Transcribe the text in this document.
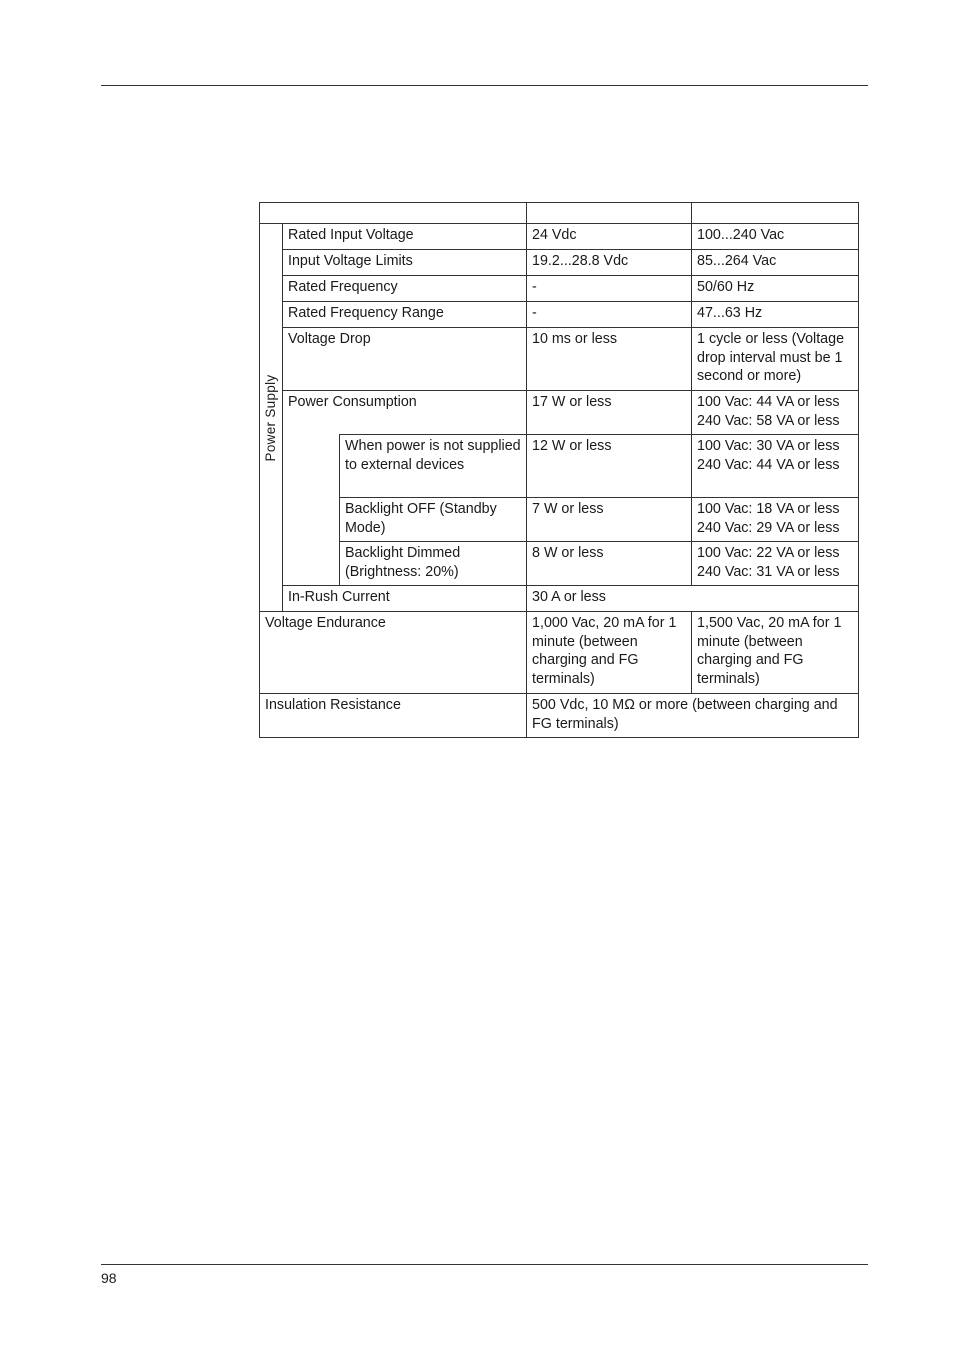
Power Supply	Rated Input Voltage		24 Vdc	100...240 Vac
	Input Voltage Limits		19.2...28.8 Vdc	85...264 Vac
	Rated Frequency		-	50/60 Hz
	Rated Frequency Range		-	47...63 Hz
	Voltage Drop		10 ms or less	1 cycle or less (Voltage drop interval must be 1 second or more)
	Power Consumption		17 W or less	100 Vac: 44 VA or less
240 Vac: 58 VA or less

		When power is not supplied to external devices	12 W or less	100 Vac: 30 VA or less
240 Vac: 44 VA or less

		Backlight OFF (Standby Mode)	7 W or less	100 Vac: 18 VA or less
240 Vac: 29 VA or less

		Backlight Dimmed (Brightness: 20%)	8 W or less	100 Vac: 22 VA or less
240 Vac: 31 VA or less

	In-Rush Current		30 A or less	
Voltage Endurance			1,000 Vac, 20 mA for 1 minute (between charging and FG terminals)	1,500 Vac, 20 mA for 1 minute (between charging and FG terminals)
Insulation Resistance			500 Vdc, 10 MΩ or more (between charging and FG terminals)	
98
